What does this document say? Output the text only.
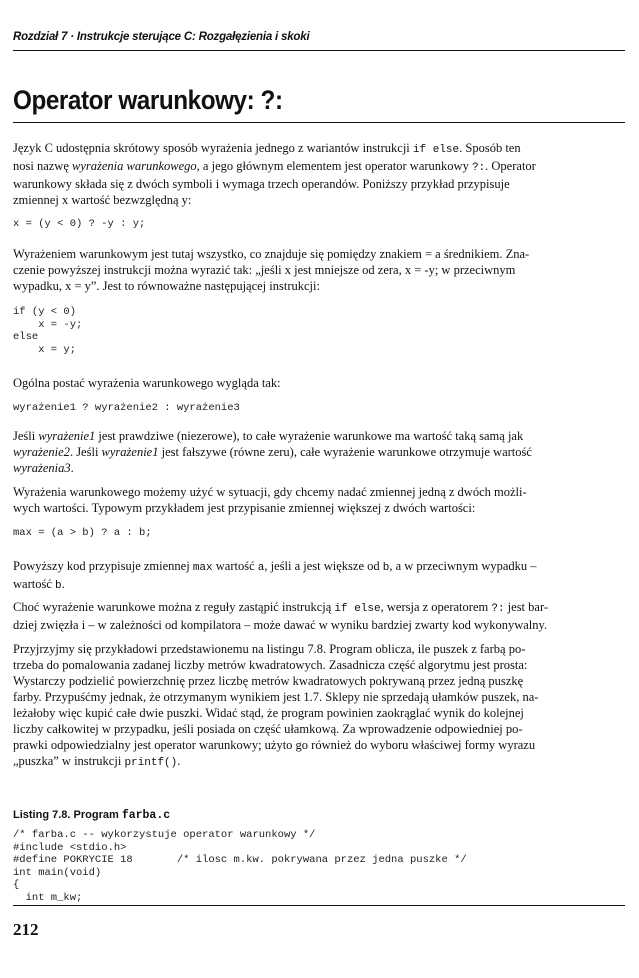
Rozdział 7 · Instrukcje sterujące C: Rozgałęzienia i skoki
Operator warunkowy: ?:
Język C udostępnia skrótowy sposób wyrażenia jednego z wariantów instrukcji if else. Sposób ten
nosi nazwę wyrażenia warunkowego, a jego głównym elementem jest operator warunkowy ?:. Operator
warunkowy składa się z dwóch symboli i wymaga trzech operandów. Poniższy przykład przypisuje
zmiennej x wartość bezwzględną y:
x = (y < 0) ? -y : y;
Wyrażeniem warunkowym jest tutaj wszystko, co znajduje się pomiędzy znakiem = a średnikiem. Zna-
czenie powyższej instrukcji można wyrazić tak: „jeśli x jest mniejsze od zera, x = -y; w przeciwnym
wypadku, x = y”. Jest to równoważne następującej instrukcji:
if (y < 0)
x = -y;
else
x = y;
Ogólna postać wyrażenia warunkowego wygląda tak:
wyrażenie1 ? wyrażenie2 : wyrażenie3
Jeśli wyrażenie1 jest prawdziwe (niezerowe), to całe wyrażenie warunkowe ma wartość taką samą jak
wyrażenie2. Jeśli wyrażenie1 jest fałszywe (równe zeru), całe wyrażenie warunkowe otrzymuje wartość
wyrażenia3.
Wyrażenia warunkowego możemy użyć w sytuacji, gdy chcemy nadać zmiennej jedną z dwóch możli-
wych wartości. Typowym przykładem jest przypisanie zmiennej większej z dwóch wartości:
max = (a > b) ? a : b;
Powyższy kod przypisuje zmiennej max wartość a, jeśli a jest większe od b, a w przeciwnym wypadku –
wartość b.
Choć wyrażenie warunkowe można z reguły zastąpić instrukcją if else, wersja z operatorem ?: jest bar-
dziej zwięzła i – w zależności od kompilatora – może dawać w wyniku bardziej zwarty kod wykonywalny.
Przyjrzyjmy się przykładowi przedstawionemu na listingu 7.8. Program oblicza, ile puszek z farbą po-
trzeba do pomalowania zadanej liczby metrów kwadratowych. Zasadnicza część algorytmu jest prosta:
Wystarczy podzielić powierzchnię przez liczbę metrów kwadratowych pokrywaną przez jedną puszkę
farby. Przypuśćmy jednak, że otrzymanym wynikiem jest 1.7. Sklepy nie sprzedają ułamków puszek, na-
leżałoby więc kupić całe dwie puszki. Widać stąd, że program powinien zaokrąglać wynik do kolejnej
liczby całkowitej w przypadku, jeśli posiada on część ułamkową. Za wprowadzenie odpowiedniej po-
prawki odpowiedzialny jest operator warunkowy; użyto go również do wyboru właściwej formy wyrazu
„puszka” w instrukcji printf().
Listing 7.8. Program farba.c
/* farba.c -- wykorzystuje operator warunkowy */
#include <stdio.h>
#define POKRYCIE 18       /* ilosc m.kw. pokrywana przez jedna puszke */
int main(void)
{
int m_kw;
212
